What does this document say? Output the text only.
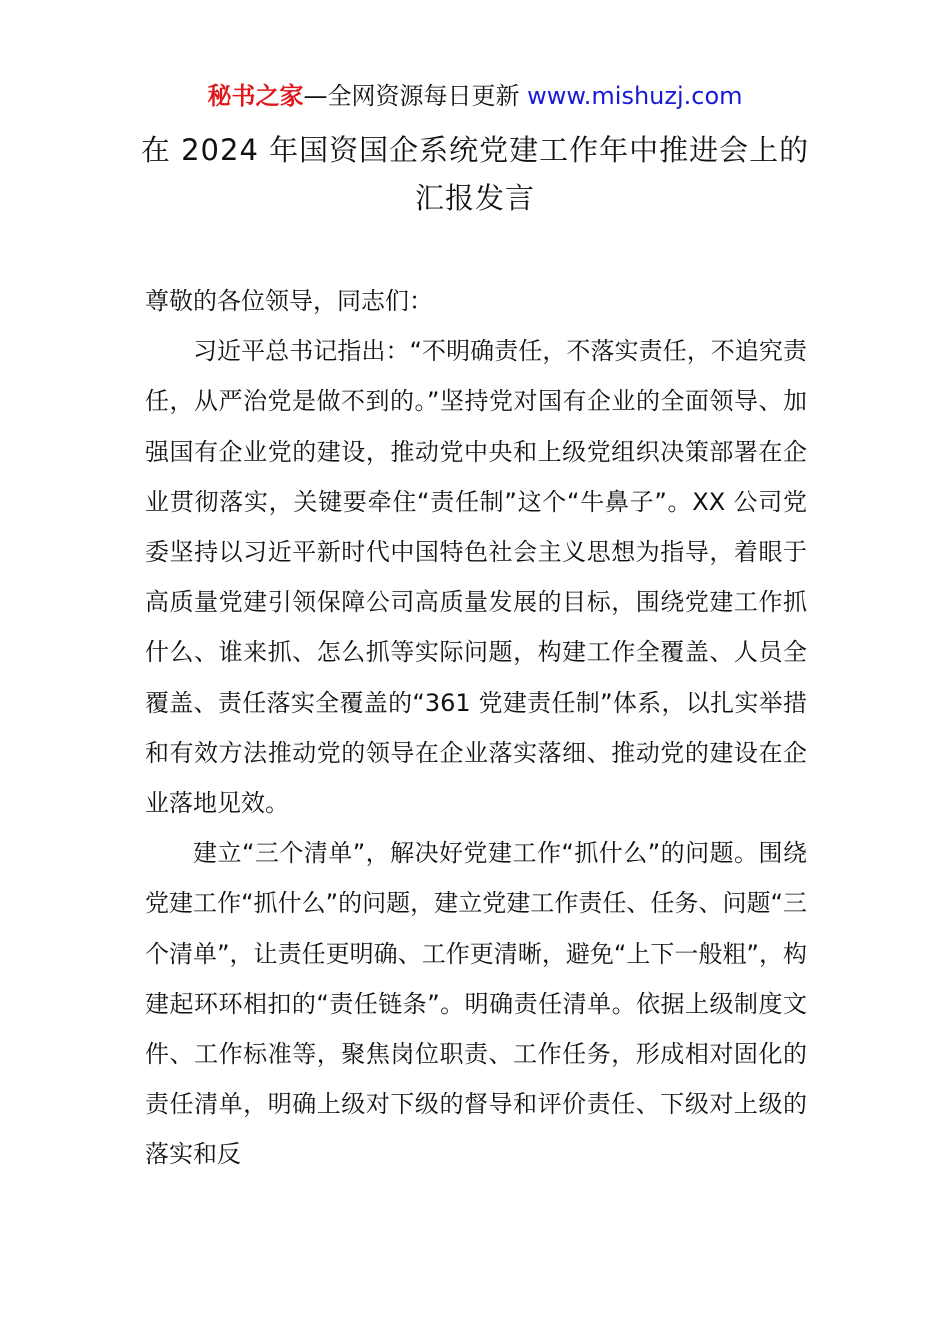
秘书之家—全网资源每日更新 www.mishuzj.com
在 2024 年国资国企系统党建工作年中推进会上的汇报发言

尊敬的各位领导，同志们：

习近平总书记指出：“不明确责任，不落实责任，不追究责任，从严治党是做不到的。”坚持党对国有企业的全面领导、加强国有企业党的建设，推动党中央和上级党组织决策部署在企业贯彻落实，关键要牵住“责任制”这个“牛鼻子”。XX 公司党委坚持以习近平新时代中国特色社会主义思想为指导，着眼于高质量党建引领保障公司高质量发展的目标，围绕党建工作抓什么、谁来抓、怎么抓等实际问题，构建工作全覆盖、人员全覆盖、责任落实全覆盖的“361 党建责任制”体系，以扎实举措和有效方法推动党的领导在企业落实落细、推动党的建设在企业落地见效。

建立“三个清单”，解决好党建工作“抓什么”的问题。围绕党建工作“抓什么”的问题，建立党建工作责任、任务、问题“三个清单”，让责任更明确、工作更清晰，避免“上下一般粗”，构建起环环相扣的“责任链条”。明确责任清单。依据上级制度文件、工作标准等，聚焦岗位职责、工作任务，形成相对固化的责任清单，明确上级对下级的督导和评价责任、下级对上级的落实和反
